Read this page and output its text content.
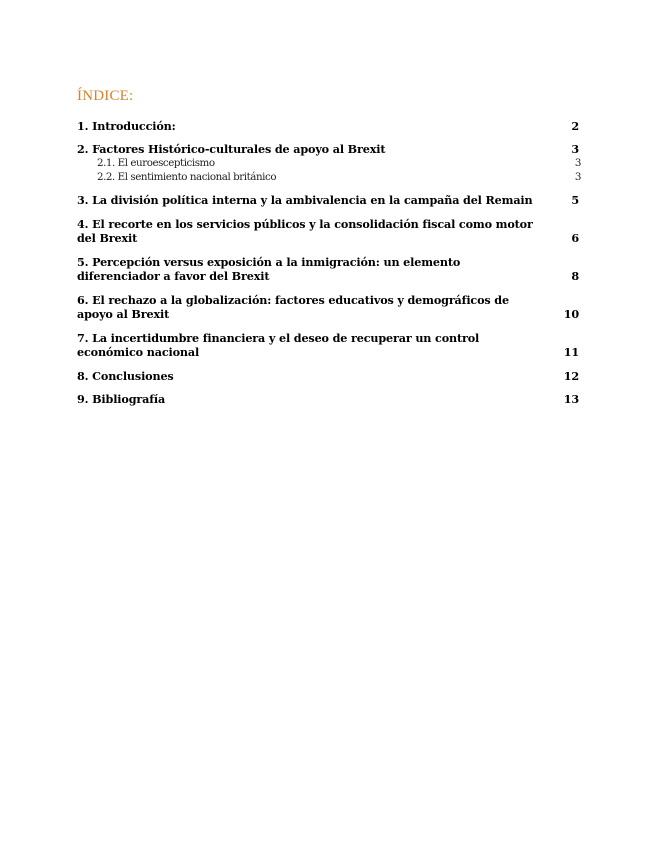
ÍNDICE:
1. Introducción:	2
2. Factores Histórico-culturales de apoyo al Brexit	3
2.1. El euroescepticismo	3
2.2. El sentimiento nacional británico	3
3. La división política interna y la ambivalencia en la campaña del Remain	5
4. El recorte en los servicios públicos y la consolidación fiscal como motor del Brexit	6
5. Percepción versus exposición a la inmigración: un elemento diferenciador a favor del Brexit	8
6. El rechazo a la globalización: factores educativos y demográficos de apoyo al Brexit	10
7. La incertidumbre financiera y el deseo de recuperar un control económico nacional	11
8. Conclusiones	12
9. Bibliografía	13
